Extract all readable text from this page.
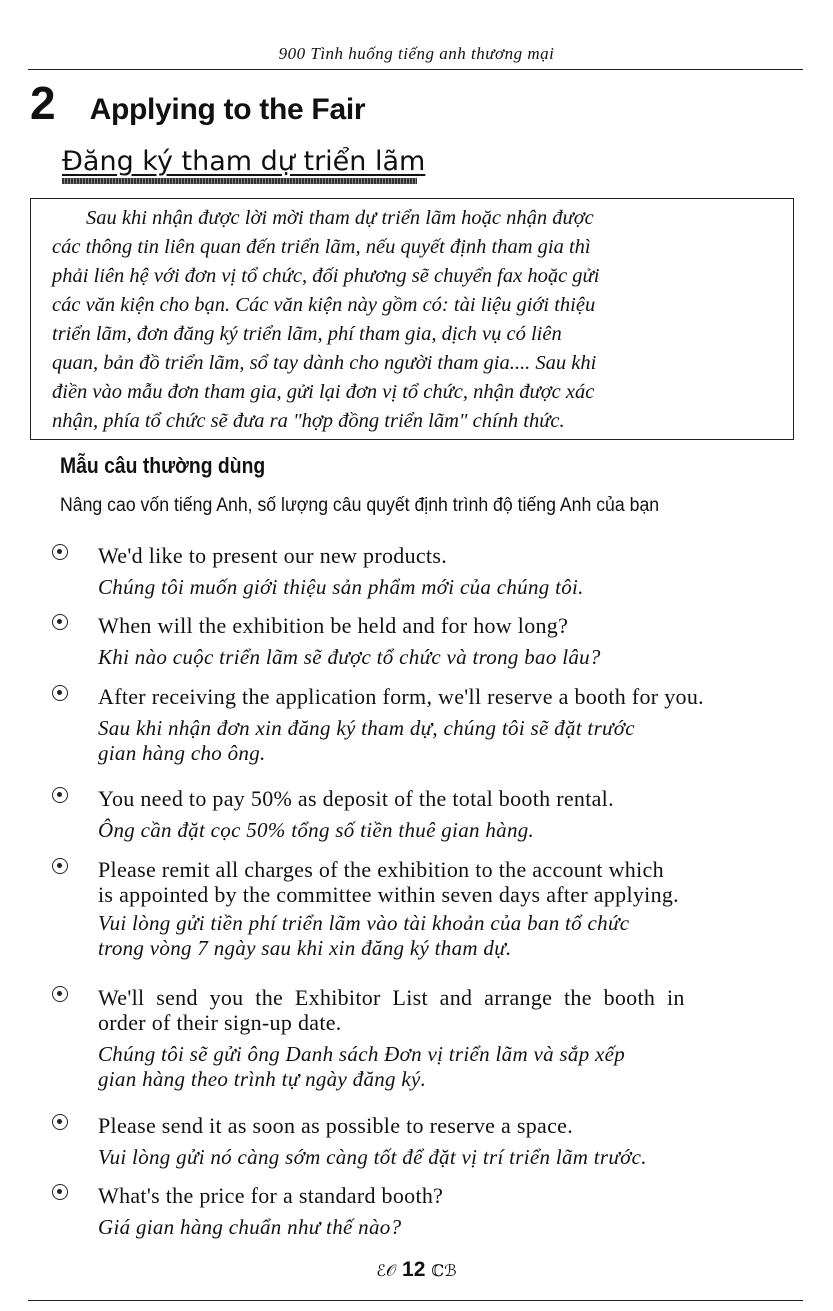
900 Tình huống tiếng anh thương mại
2 Applying to the Fair
Đăng ký tham dự triển lãm
Sau khi nhận được lời mời tham dự triển lãm hoặc nhận được
các thông tin liên quan đến triển lãm, nếu quyết định tham gia thì
phải liên hệ với đơn vị tổ chức, đối phương sẽ chuyển fax hoặc gửi
các văn kiện cho bạn. Các văn kiện này gồm có: tài liệu giới thiệu
triển lãm, đơn đăng ký triển lãm, phí tham gia, dịch vụ có liên
quan, bản đồ triển lãm, sổ tay dành cho người tham gia.... Sau khi
điền vào mẫu đơn tham gia, gửi lại đơn vị tổ chức, nhận được xác
nhận, phía tổ chức sẽ đưa ra "hợp đồng triển lãm" chính thức.
Mẫu câu thường dùng
Nâng cao vốn tiếng Anh, số lượng câu quyết định trình độ tiếng Anh của bạn
We'd like to present our new products.
Chúng tôi muốn giới thiệu sản phẩm mới của chúng tôi.
When will the exhibition be held and for how long?
Khi nào cuộc triển lãm sẽ được tổ chức và trong bao lâu?
After receiving the application form, we'll reserve a booth for you.
Sau khi nhận đơn xin đăng ký tham dự, chúng tôi sẽ đặt trước
gian hàng cho ông.
You need to pay 50% as deposit of the total booth rental.
Ông cần đặt cọc 50% tổng số tiền thuê gian hàng.
Please remit all charges of the exhibition to the account which
is appointed by the committee within seven days after applying.
Vui lòng gửi tiền phí triển lãm vào tài khoản của ban tổ chức
trong vòng 7 ngày sau khi xin đăng ký tham dự.
We'll send you the Exhibitor List and arrange the booth in
order of their sign-up date.
Chúng tôi sẽ gửi ông Danh sách Đơn vị triển lãm và sắp xếp
gian hàng theo trình tự ngày đăng ký.
Please send it as soon as possible to reserve a space.
Vui lòng gửi nó càng sớm càng tốt để đặt vị trí triển lãm trước.
What's the price for a standard booth?
Giá gian hàng chuẩn như thế nào?
ℰ𝒪 12 ℂℬ
